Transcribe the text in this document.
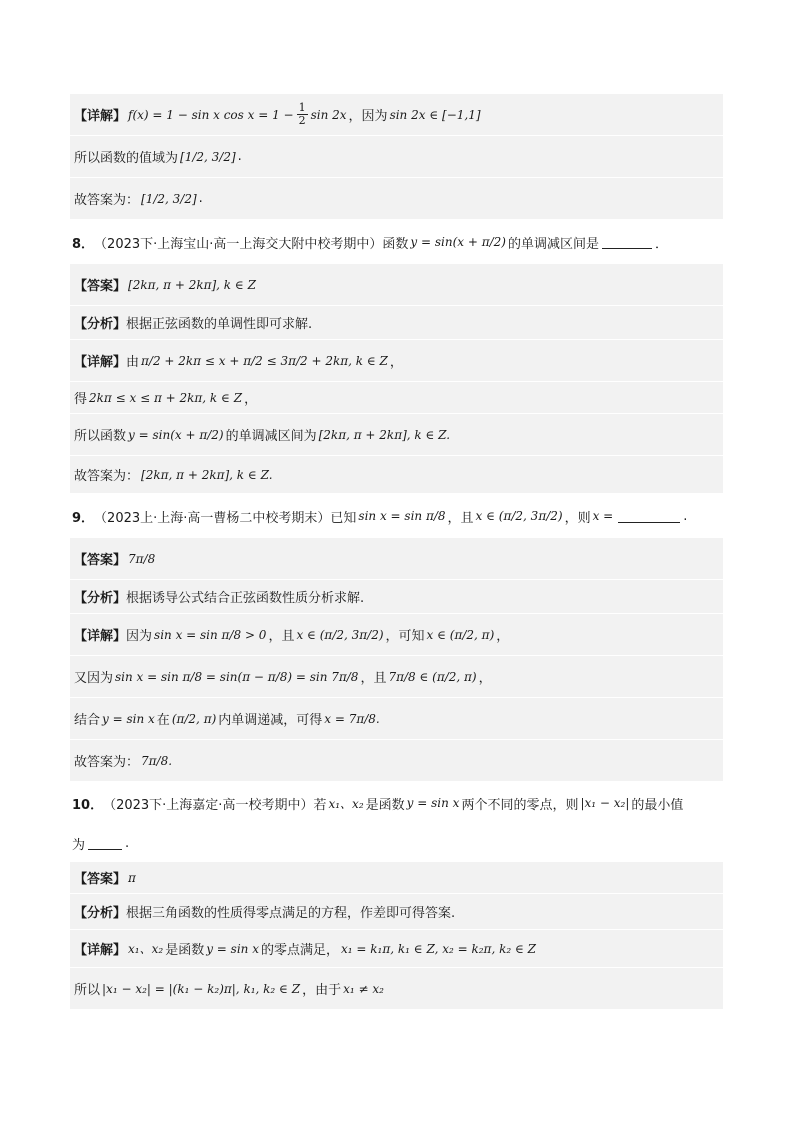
【详解】 f(x) = 1 − sin x $\cos x = 1 - \frac{1}{2}$ sin 2x ，因为 sin 2x ∈ [−1,1]
所以函数的值域为 [1/2, 3/2] .
故答案为： [1/2, 3/2] .
8． （2023下·上海宝山·高一上海交大附中校考期中） 函数 y = sin(x + π/2) 的单调减区间是	．
【答案】 [2kπ, π + 2kπ], k ∈ Z
【分析】 根据正弦函数的单调性即可求解.
【详解】 由 π/2 + 2kπ ≤ x + π/2 ≤ 3π/2 + 2kπ, k ∈ Z ，
得 2kπ ≤ x ≤ π + 2kπ, k ∈ Z ，
所以函数 y = sin(x + π/2) 的单调减区间为 [2kπ, π + 2kπ], k ∈ Z.
故答案为： [2kπ, π + 2kπ], k ∈ Z.
9． （2023上·上海·高一曹杨二中校考期末） 已知 sin x = sin π/8 ，且 x ∈ (π/2, 3π/2) ，则 x =	.
【答案】 7π/8
【分析】 根据诱导公式结合正弦函数性质分析求解.
【详解】 因为 sin x = sin π/8 > 0 ，且 x ∈ (π/2, 3π/2) ，可知 x ∈ (π/2, π) ，
又因为 sin x = sin π/8 = sin(π − π/8) = sin 7π/8 ，且 7π/8 ∈ (π/2, π) ，
结合 y = sin x 在 (π/2, π) 内单调递减，可得 x = 7π/8.
故答案为： 7π/8.
10． （2023下·上海嘉定·高一校考期中） 若 x₁、x₂ 是函数 y = sin x 两个不同的零点，则 |x₁ − x₂| 的最小值
为	.
【答案】 π
【分析】 根据三角函数的性质得零点满足的方程，作差即可得答案.
【详解】 x₁、x₂ 是函数 y = sin x 的零点满足， x₁ = k₁π, k₁ ∈ Z, x₂ = k₂π, k₂ ∈ Z
所以 |x₁ − x₂| = |(k₁ − k₂)π|, k₁, k₂ ∈ Z ，由于 x₁ ≠ x₂
